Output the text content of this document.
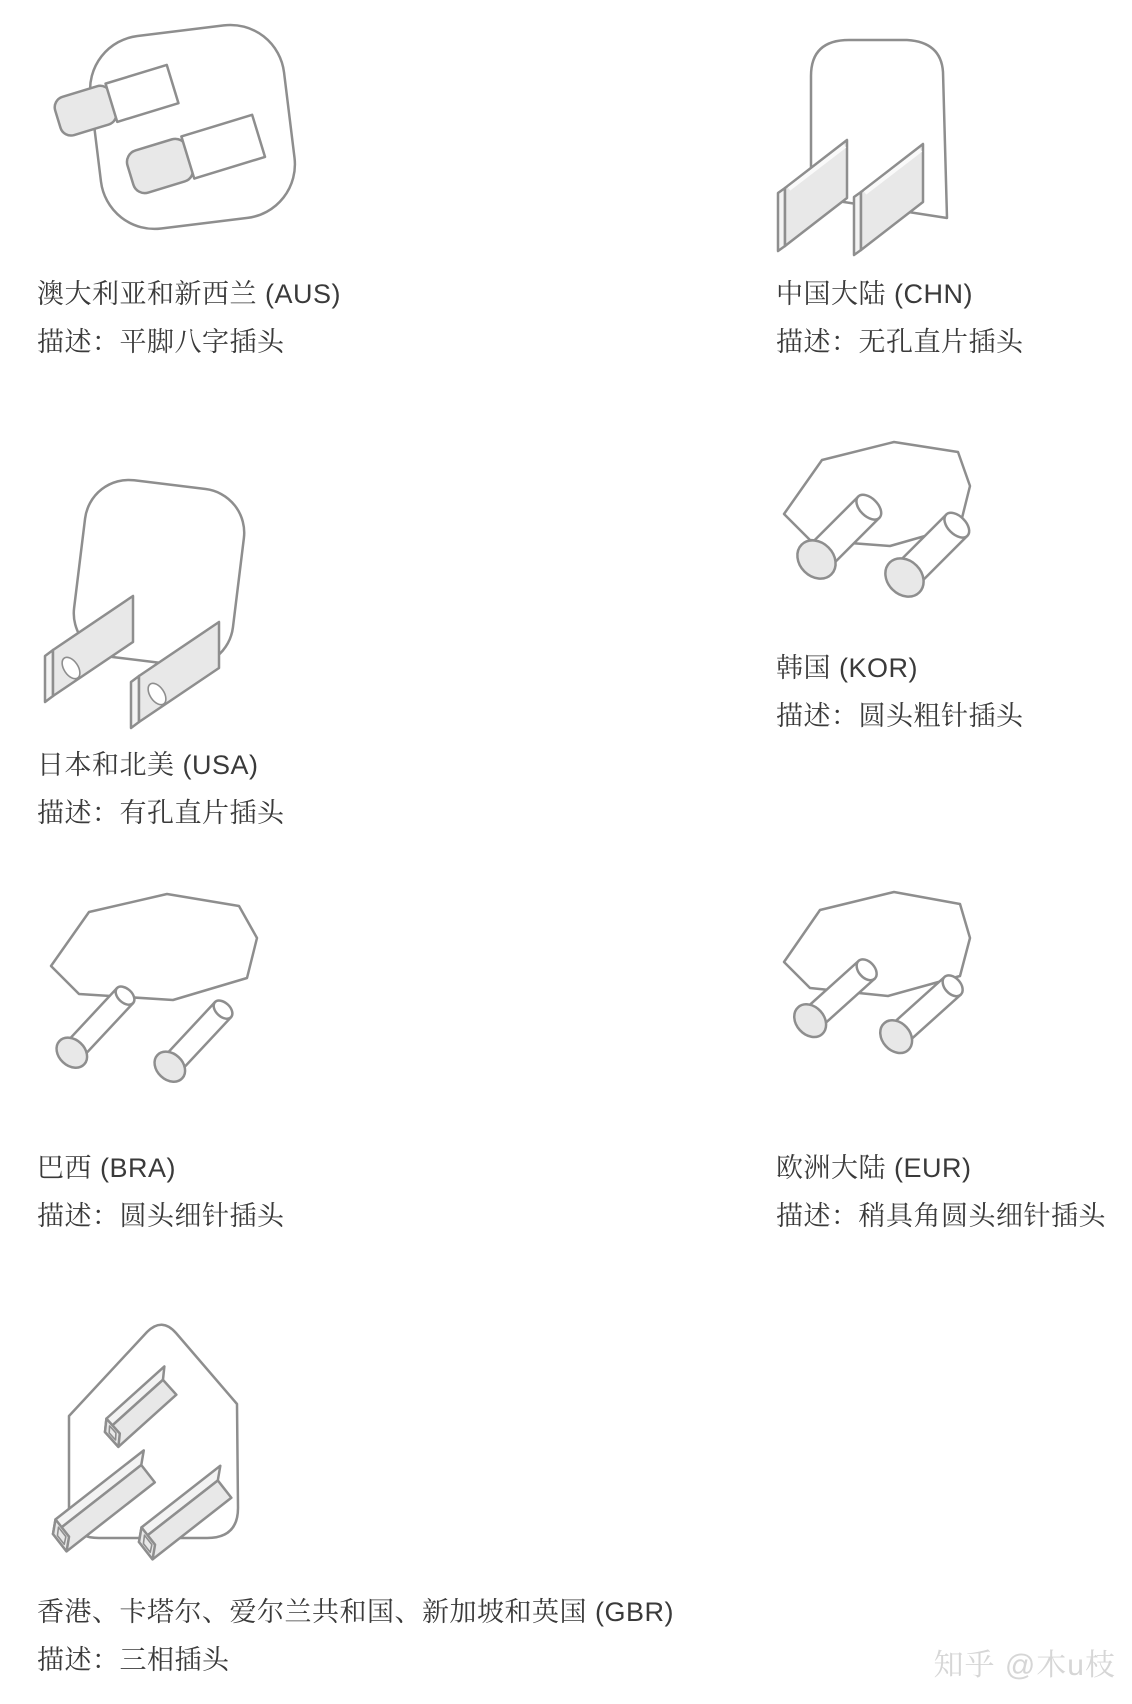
澳大利亚和新西兰 (AUS)
描述：平脚八字插头
中国大陆 (CHN)
描述：无孔直片插头
日本和北美 (USA)
描述：有孔直片插头
韩国 (KOR)
描述：圆头粗针插头
巴西 (BRA)
描述：圆头细针插头
欧洲大陆 (EUR)
描述：稍具角圆头细针插头
香港、卡塔尔、爱尔兰共和国、新加坡和英国 (GBR)
描述：三相插头	知乎 @木u枝
